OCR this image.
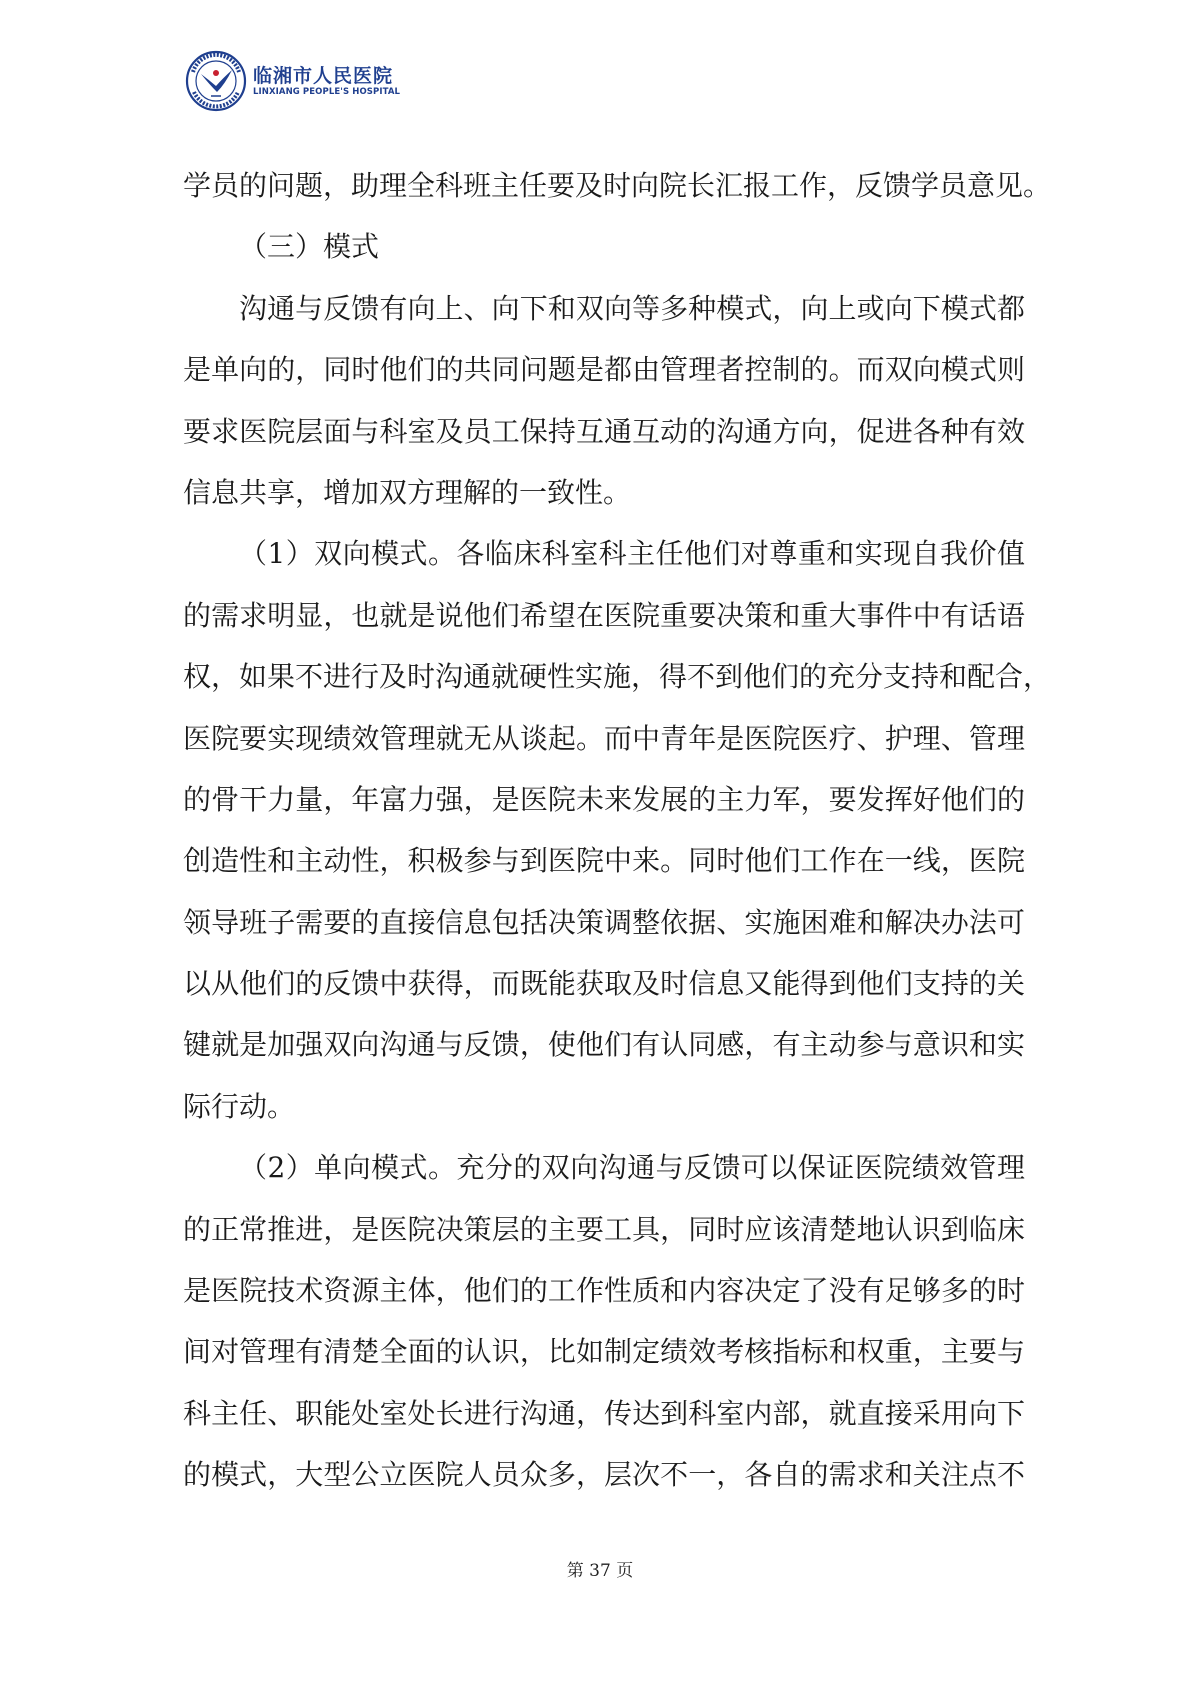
临湘市人民医院
LINXIANG PEOPLE'S HOSPITAL
学员的问题，助理全科班主任要及时向院长汇报工作，反馈学员意见。
（三）模式
沟通与反馈有向上、向下和双向等多种模式，向上或向下模式都
是单向的，同时他们的共同问题是都由管理者控制的。而双向模式则
要求医院层面与科室及员工保持互通互动的沟通方向，促进各种有效
信息共享，增加双方理解的一致性。
（1）双向模式。各临床科室科主任他们对尊重和实现自我价值
的需求明显，也就是说他们希望在医院重要决策和重大事件中有话语
权，如果不进行及时沟通就硬性实施，得不到他们的充分支持和配合，
医院要实现绩效管理就无从谈起。而中青年是医院医疗、护理、管理
的骨干力量，年富力强，是医院未来发展的主力军，要发挥好他们的
创造性和主动性，积极参与到医院中来。同时他们工作在一线，医院
领导班子需要的直接信息包括决策调整依据、实施困难和解决办法可
以从他们的反馈中获得，而既能获取及时信息又能得到他们支持的关
键就是加强双向沟通与反馈，使他们有认同感，有主动参与意识和实
际行动。
（2）单向模式。充分的双向沟通与反馈可以保证医院绩效管理
的正常推进，是医院决策层的主要工具，同时应该清楚地认识到临床
是医院技术资源主体，他们的工作性质和内容决定了没有足够多的时
间对管理有清楚全面的认识，比如制定绩效考核指标和权重，主要与
科主任、职能处室处长进行沟通，传达到科室内部，就直接采用向下
的模式，大型公立医院人员众多，层次不一，各自的需求和关注点不
第 37 页
